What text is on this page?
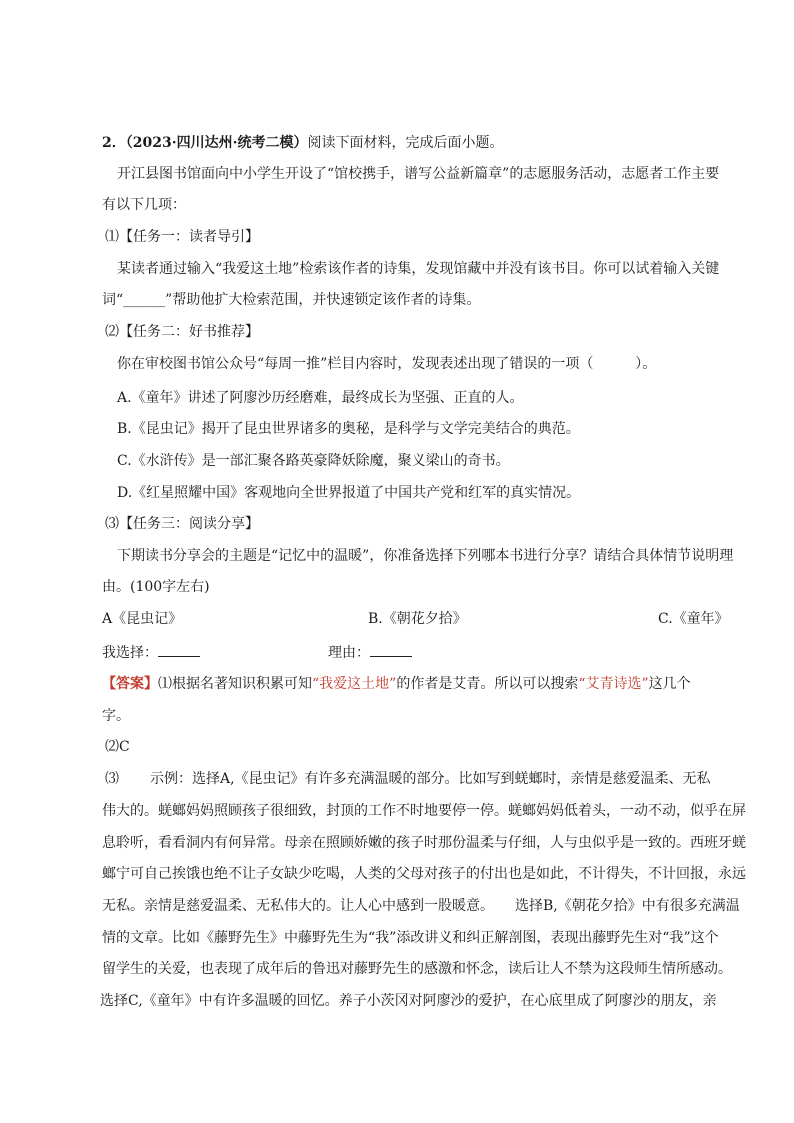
2．（2023·四川达州·统考二模）阅读下面材料，完成后面小题。
开江县图书馆面向中小学生开设了“馆校携手，谱写公益新篇章”的志愿服务活动，志愿者工作主要
有以下几项：
⑴【任务一：读者导引】
某读者通过输入“我爱这土地”检索该作者的诗集，发现馆藏中并没有该书目。你可以试着输入关键
词“______”帮助他扩大检索范围，并快速锁定该作者的诗集。
⑵【任务二：好书推荐】
你在审校图书馆公众号“每周一推”栏目内容时，发现表述出现了错误的一项（　　　）。
A.《童年》讲述了阿廖沙历经磨难，最终成长为坚强、正直的人。
B.《昆虫记》揭开了昆虫世界诸多的奥秘，是科学与文学完美结合的典范。
C.《水浒传》是一部汇聚各路英豪降妖除魔，聚义梁山的奇书。
D.《红星照耀中国》客观地向全世界报道了中国共产党和红军的真实情况。
⑶【任务三：阅读分享】
下期读书分享会的主题是“记忆中的温暖”，你准备选择下列哪本书进行分享？请结合具体情节说明理
由。(100字左右)
A《昆虫记》	B.《朝花夕拾》	C.《童年》
我选择：	理由：
【答案】⑴根据名著知识积累可知“我爱这土地”的作者是艾青。所以可以搜索“艾青诗选”这几个
字。
⑵C
⑶ 示例：选择A,《昆虫记》有许多充满温暖的部分。比如写到蜣螂时，亲情是慈爱温柔、无私
伟大的。蜣螂妈妈照顾孩子很细致，封顶的工作不时地要停一停。蜣螂妈妈低着头，一动不动，似乎在屏
息聆听，看看洞内有何异常。母亲在照顾娇嫩的孩子时那份温柔与仔细，人与虫似乎是一致的。西班牙蜣
螂宁可自己挨饿也绝不让子女缺少吃喝，人类的父母对孩子的付出也是如此，不计得失，不计回报，永远
无私。亲情是慈爱温柔、无私伟大的。让人心中感到一股暖意。　　选择B,《朝花夕拾》中有很多充满温
情的文章。比如《藤野先生》中藤野先生为“我”添改讲义和纠正解剖图，表现出藤野先生对“我”这个
留学生的关爱，也表现了成年后的鲁迅对藤野先生的感激和怀念，读后让人不禁为这段师生情所感动。
选择C,《童年》中有许多温暖的回忆。养子小茨冈对阿廖沙的爱护，在心底里成了阿廖沙的朋友，亲
